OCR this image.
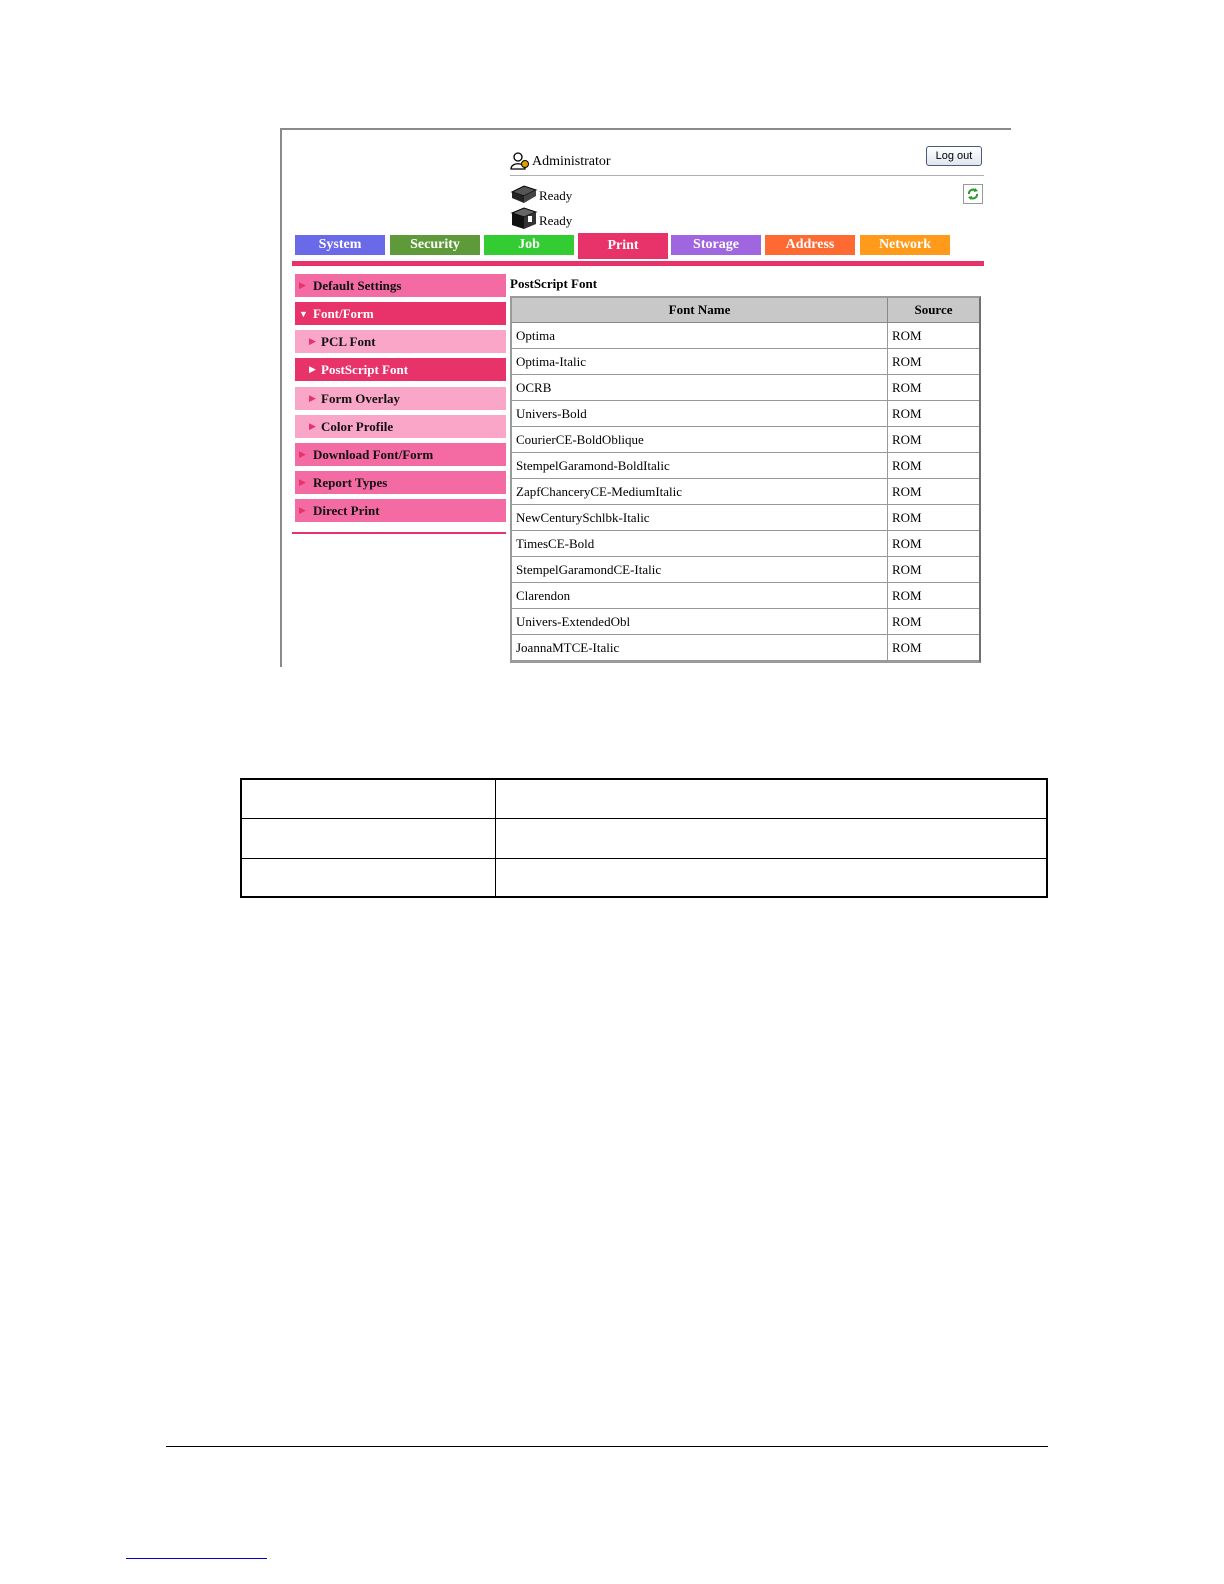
Administrator	Log out
Ready
Ready
System	Security	Job	Print	Storage	Address	Network
▶ Default Settings
▼ Font/Form
▶ PCL Font
▶ PostScript Font
▶ Form Overlay
▶ Color Profile
▶ Download Font/Form
▶ Report Types
▶ Direct Print
PostScript Font
Font Name	Source
Optima	ROM
Optima-Italic	ROM
OCRB	ROM
Univers-Bold	ROM
CourierCE-BoldOblique	ROM
StempelGaramond-BoldItalic	ROM
ZapfChanceryCE-MediumItalic	ROM
NewCenturySchlbk-Italic	ROM
TimesCE-Bold	ROM
StempelGaramondCE-Italic	ROM
Clarendon	ROM
Univers-ExtendedObl	ROM
JoannaMTCE-Italic	ROM
